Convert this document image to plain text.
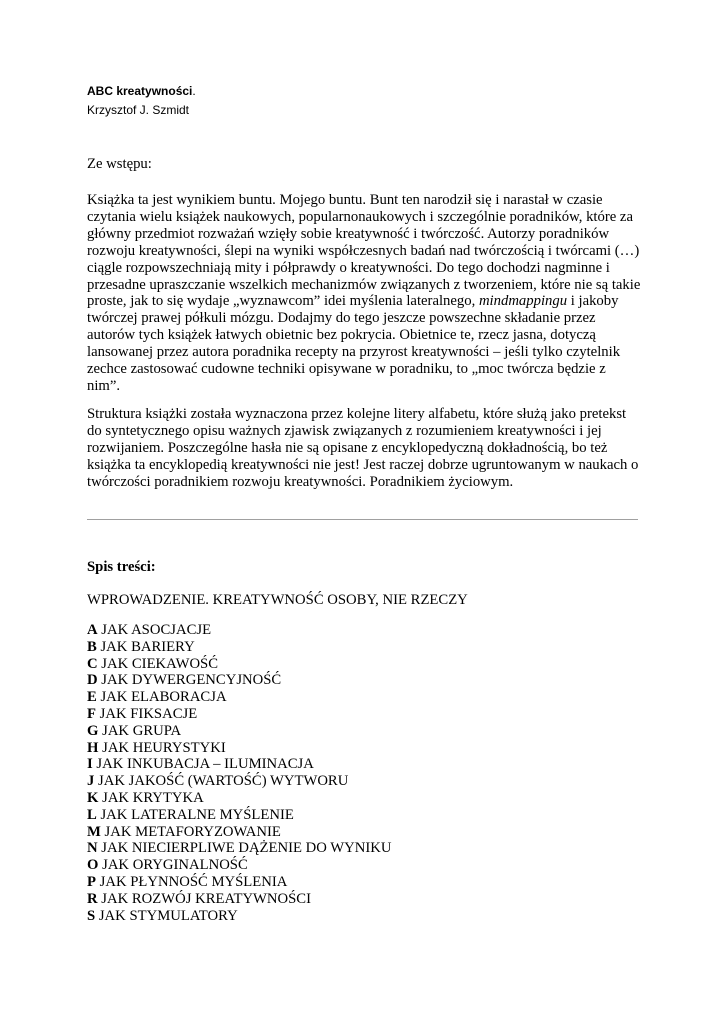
ABC kreatywności.
Krzysztof J. Szmidt
Ze wstępu:
Książka ta jest wynikiem buntu. Mojego buntu. Bunt ten narodził się i narastał w czasie
czytania wielu książek naukowych, popularnonaukowych i szczególnie poradników, które za
główny przedmiot rozważań wzięły sobie kreatywność i twórczość. Autorzy poradników
rozwoju kreatywności, ślepi na wyniki współczesnych badań nad twórczością i twórcami (…)
ciągle rozpowszechniają mity i półprawdy o kreatywności. Do tego dochodzi nagminne i
przesadne upraszczanie wszelkich mechanizmów związanych z tworzeniem, które nie są takie
proste, jak to się wydaje „wyznawcom” idei myślenia lateralnego, mindmappingu i jakoby
twórczej prawej półkuli mózgu. Dodajmy do tego jeszcze powszechne składanie przez
autorów tych książek łatwych obietnic bez pokrycia. Obietnice te, rzecz jasna, dotyczą
lansowanej przez autora poradnika recepty na przyrost kreatywności – jeśli tylko czytelnik
zechce zastosować cudowne techniki opisywane w poradniku, to „moc twórcza będzie z
nim”.
Struktura książki została wyznaczona przez kolejne litery alfabetu, które służą jako pretekst
do syntetycznego opisu ważnych zjawisk związanych z rozumieniem kreatywności i jej
rozwijaniem. Poszczególne hasła nie są opisane z encyklopedyczną dokładnością, bo też
książka ta encyklopedią kreatywności nie jest! Jest raczej dobrze ugruntowanym w naukach o
twórczości poradnikiem rozwoju kreatywności. Poradnikiem życiowym.
Spis treści:
WPROWADZENIE. KREATYWNOŚĆ OSOBY, NIE RZECZY
A JAK ASOCJACJE
B JAK BARIERY
C JAK CIEKAWOŚĆ
D JAK DYWERGENCYJNOŚĆ
E JAK ELABORACJA
F JAK FIKSACJE
G JAK GRUPA
H JAK HEURYSTYKI
I JAK INKUBACJA – ILUMINACJA
J JAK JAKOŚĆ (WARTOŚĆ) WYTWORU
K JAK KRYTYKA
L JAK LATERALNE MYŚLENIE
M JAK METAFORYZOWANIE
N JAK NIECIERPLIWE DĄŻENIE DO WYNIKU
O JAK ORYGINALNOŚĆ
P JAK PŁYNNOŚĆ MYŚLENIA
R JAK ROZWÓJ KREATYWNOŚCI
S JAK STYMULATORY
